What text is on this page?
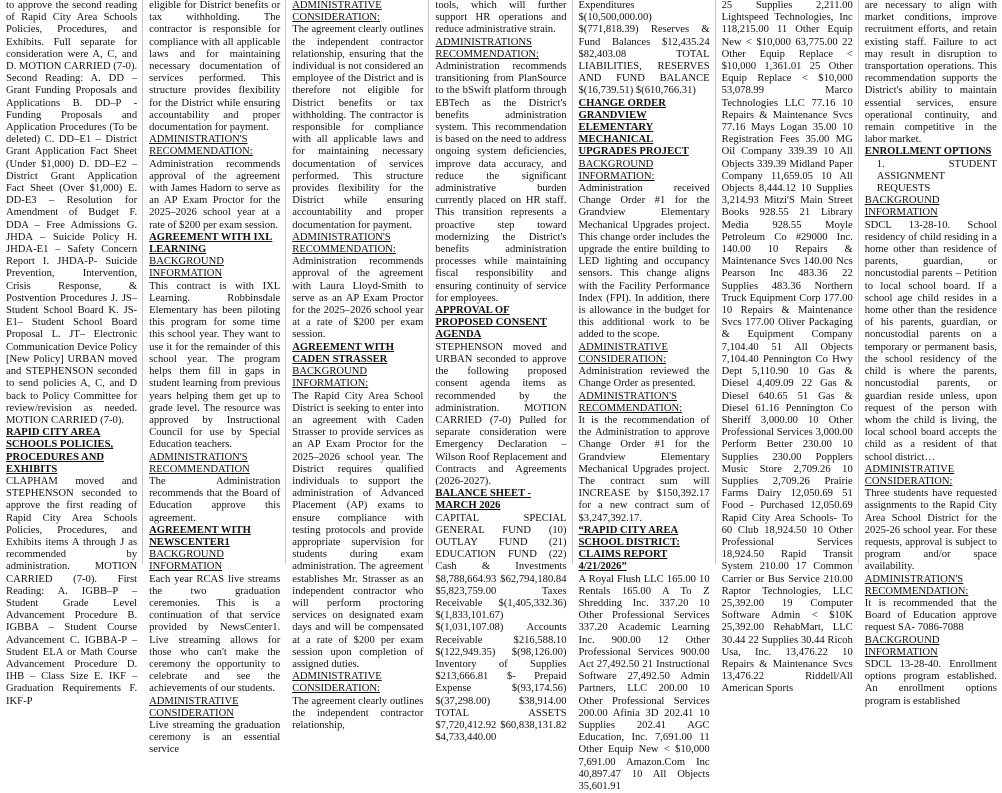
to approve the second reading of Rapid City Area Schools Policies, Procedures, and Exhibits. Full separate for consideration were A, C, and D. MOTION CARRIED (7-0). Second Reading: A. DD – Grant Funding Proposals and Applications B. DD–P - Funding Proposals and Application Procedures (To be deleted) C. DD–E1 – District Grant Application Fact Sheet (Under $1,000) D. DD–E2 – District Grant Application Fact Sheet (Over $1,000) E. DD-E3 – Resolution for Amendment of Budget F. DDA – Free Admissions G. JHDA – Suicide Policy H. JHDA-E1 – Safety Concern Report I. JHDA-P- Suicide Prevention, Intervention, Crisis Response, & Postvention Procedures J. JS– Student School Board K. JS-E1– Student School Board Proposal L. JT– Electronic Communication Device Policy [New Policy] URBAN moved and STEPHENSON seconded to send policies A, C, and D back to Policy Committee for review/revision as needed. MOTION CARRIED (7-0).

RAPID CITY AREA SCHOOLS POLICIES, PROCEDURES AND EXHIBITS

CLAPHAM moved and STEPHENSON seconded to approve the first reading of Rapid City Area Schools Policies, Procedures, and Exhibits items A through J as recommended by administration. MOTION CARRIED (7-0). First Reading: A. IGBB–P – Student Grade Level Advancement Procedure B. IGBBA – Student Course Advancement C. IGBBA-P – Student ELA or Math Course Advancement Procedure D. IHB – Class Size E. IKF – Graduation Requirements F. IKF-P

eligible for District benefits or tax withholding. The contractor is responsible for compliance with all applicable laws and for maintaining necessary documentation of services performed. This structure provides flexibility for the District while ensuring accountability and proper documentation for payment.

ADMINISTRATION'S RECOMMENDATION:

Administration recommends approval of the agreement with James Hadorn to serve as an AP Exam Proctor for the 2025–2026 school year at a rate of $200 per exam session.

AGREEMENT WITH IXL LEARNING

BACKGROUND INFORMATION

This contract is with IXL Learning. Robbinsdale Elementary has been piloting this program for some time this school year. They want to use it for the remainder of this school year. The program helps them fill in gaps in student learning from previous years helping them get up to grade level. The resource was approved by Instructional Council for use by Special Education teachers.

ADMINISTRATION'S RECOMMENDATION

The Administration recommends that the Board of Education approve this agreement.

AGREEMENT WITH NEWSCENTER1

BACKGROUND INFORMATION

Each year RCAS live streams the two graduation ceremonies. This is a continuation of that service provided by NewsCenter1. Live streaming allows for those who can't make the ceremony the opportunity to celebrate and see the achievements of our students.

ADMINISTRATIVE CONSIDERATION

Live streaming the graduation ceremony is an essential service

ADMINISTRATIVE CONSIDERATION:

The agreement clearly outlines the independent contractor relationship, ensuring that the individual is not considered an employee of the District and is therefore not eligible for District benefits or tax withholding. The contractor is responsible for compliance with all applicable laws and for maintaining necessary documentation of services performed. This structure provides flexibility for the District while ensuring accountability and proper documentation for payment.

ADMINISTRATION'S RECOMMENDATION:

Administration recommends approval of the agreement with Laura Lloyd-Smith to serve as an AP Exam Proctor for the 2025–2026 school year at a rate of $200 per exam session.

AGREEMENT WITH CADEN STRASSER

BACKGROUND INFORMATION:

The Rapid City Area School District is seeking to enter into an agreement with Caden Strasser to provide services as an AP Exam Proctor for the 2025–2026 school year. The District requires qualified individuals to support the administration of Advanced Placement (AP) exams to ensure compliance with testing protocols and provide appropriate supervision for students during exam administration. The agreement establishes Mr. Strasser as an independent contractor who will perform proctoring services on designated exam days and will be compensated at a rate of $200 per exam session upon completion of assigned duties.

ADMINISTRATIVE CONSIDERATION:

The agreement clearly outlines the independent contractor relationship,

tools, which will further support HR operations and reduce administrative strain.

ADMINISTRATIONS RECOMMENDATION:

Administration recommends transitioning from PlanSource to the bSwift platform through EBTech as the District's benefits administration system. This recommendation is based on the need to address ongoing system deficiencies, improve data accuracy, and reduce the significant administrative burden currently placed on HR staff. This transition represents a proactive step toward modernizing the District's benefits administration processes while maintaining fiscal responsibility and ensuring continuity of service for employees.

APPROVAL OF PROPOSED CONSENT AGENDA

STEPHENSON moved and URBAN seconded to approve the following proposed consent agenda items as recommended by the administration. MOTION CARRIED (7-0) Pulled for separate consideration were Emergency Declaration – Wilson Roof Replacement and Contracts and Agreements (2026-2027).

BALANCE SHEET - MARCH 2026

CAPITAL SPECIAL GENERAL FUND (10) OUTLAY FUND (21) EDUCATION FUND (22) Cash & Investments $8,788,664.93 $62,794,180.84 $5,823,759.00 Taxes Receivable $(1,405,332.36) $(1,833,101.67) $(1,031,107.08) Accounts Receivable $216,588.10 $(122,949.35) $(98,126.00) Inventory of Supplies $213,666.81 $- Prepaid Expense $(93,174.56) $(37,298.00) $38,914.00 TOTAL ASSETS $7,720,412.92 $60,838,131.82 $4,733,440.00

Expenditures $(10,500,000.00) $(771,818.39) Reserves & Fund Balances $12,435.24 $82,403.08 TOTAL LIABILITIES, RESERVES AND FUND BALANCE $(16,739.51) $(610,766.31)

CHANGE ORDER

GRANDVIEW ELEMENTARY MECHANICAL UPGRADES PROJECT

BACKGROUND INFORMATION:

Administration received Change Order #1 for the Grandview Elementary Mechanical Upgrades project. This change order includes the upgrade the entire building to LED lighting and occupancy sensors. This change aligns with the Facility Performance Index (FPI). In addition, there is allowance in the budget for this additional work to be added to the scope.

ADMINISTRATIVE CONSIDERATION:

Administration reviewed the Change Order as presented.

ADMINISTRATION'S RECOMMENDATION:

It is the recommendation of the Administration to approve Change Order #1 for the Grandview Elementary Mechanical Upgrades project. The contract sum will INCREASE by $150,392.17 for a new contract sum of $3,247,392.17.

“RAPID CITY AREA SCHOOL DISTRICT: CLAIMS REPORT 4/21/2026”

A Royal Flush LLC 165.00 10 Rentals 165.00 A To Z Shredding Inc. 337.20 10 Other Professional Services 337.20 Academic Learning Inc. 900.00 12 Other Professional Services 900.00 Act 27,492.50 21 Instructional Software 27,492.50 Admin Partners, LLC 200.00 10 Other Professional Services 200.00 Afinia 3D 202.41 10 Supplies 202.41 AGC Education, Inc. 7,691.00 11 Other Equip New < $10,000 7,691.00 Amazon.Com Inc 40,897.47 10 All Objects 35,601.91

25 Supplies 2,211.00 Lightspeed Technologies, Inc 118,215.00 11 Other Equip New < $10,000 63,775.00 22 Other Equip Replace < $10,000 1,361.01 25 Other Equip Replace < $10,000 53,078.99 Marco Technologies LLC 77.16 10 Repairs & Maintenance Svcs 77.16 Mays Logan 35.00 10 Registration Fees 35.00 MG Oil Company 339.39 10 All Objects 339.39 Midland Paper Company 11,659.05 10 All Objects 8,444.12 10 Supplies 3,214.93 Mitzi'S Main Street Books 928.55 21 Library Media 928.55 Moyle Petroleum Co #29000 Inc. 140.00 10 Repairs & Maintenance Svcs 140.00 Ncs Pearson Inc 483.36 22 Supplies 483.36 Northern Truck Equipment Corp 177.00 10 Repairs & Maintenance Svcs 177.00 Oliver Packaging & Equipment Company 7,104.40 51 All Objects 7,104.40 Pennington Co Hwy Dept 5,110.90 10 Gas & Diesel 4,409.09 22 Gas & Diesel 640.65 51 Gas & Diesel 61.16 Pennington Co Sheriff 3,000.00 10 Other Professional Services 3,000.00 Perform Better 230.00 10 Supplies 230.00 Popplers Music Store 2,709.26 10 Supplies 2,709.26 Prairie Farms Dairy 12,050.69 51 Food - Purchased 12,050.69 Rapid City Area Schools- To 60 Club 18,924.50 10 Other Professional Services 18,924.50 Rapid Transit System 210.00 17 Common Carrier or Bus Service 210.00 Raptor Technologies, LLC 25,392.00 19 Computer Software Admin < $10K 25,392.00 RehabMart, LLC 30.44 22 Supplies 30.44 Ricoh Usa, Inc. 13,476.22 10 Repairs & Maintenance Svcs 13,476.22 Riddell/All American Sports

are necessary to align with market conditions, improve recruitment efforts, and retain existing staff. Failure to act may result in disruption to transportation operations. This recommendation supports the District's ability to maintain essential services, ensure operational continuity, and remain competitive in the labor market.

ENROLLMENT OPTIONS

1. STUDENT ASSIGNMENT REQUESTS

BACKGROUND INFORMATION

SDCL 13-28-10. School residency of child residing in a home other than residence of parents, guardian, or noncustodial parents – Petition to local school board. If a school age child resides in a home other than the residence of his parents, guardian, or noncustodial parents on a temporary or permanent basis, the school residency of the child is where the parents, noncustodial parents, or guardian reside unless, upon request of the person with whom the child is living, the local school board accepts the child as a resident of that school district…

ADMINISTRATIVE CONSIDERATION:

Three students have requested assignments to the Rapid City Area School District for the 2025-26 school year. For these requests, approval is subject to program and/or space availability.

ADMINISTRATION'S RECOMMENDATION:

It is recommended that the Board of Education approve request SA- 7086-7088

BACKGROUND INFORMATION

SDCL 13-28-40. Enrollment options program established. An enrollment options program is established
